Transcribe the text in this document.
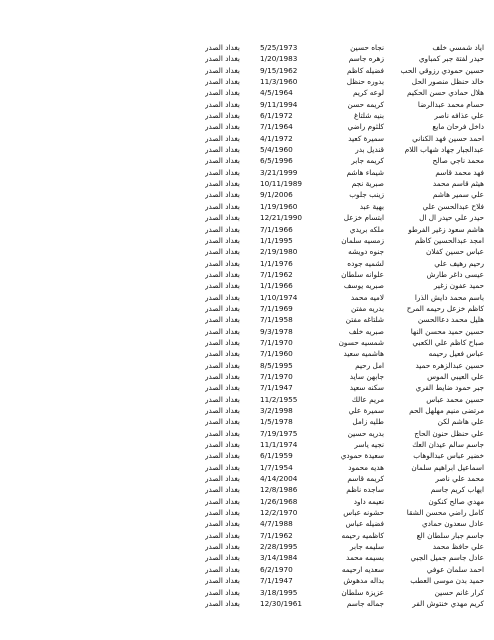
اياد شمسي خلف	نجاه حسين	5/25/1973	بغداد الصدر
حيدر لفتة جبر كمباوي	زهره جاسم	1/20/1983	بغداد الصدر
حسين حمودي رزوقي الحب	فضيله كاظم	9/15/1962	بغداد الصدر
خالد حنظل منصور الحل	بدوره حنظل	11/3/1960	بغداد الصدر
هلال حمادي حسن الحكيم	لوعه كريم	4/5/1964	بغداد الصدر
حسام محمد عبدالرضا	كريمه حسن	9/11/1994	بغداد الصدر
علي عذافه ناصر	بنيه شلتاغ	6/1/1972	بغداد الصدر
داخل فرحان مايع	كلثوم راضي	7/1/1964	بغداد الصدر
احمد حسين فهد الكناني	سميرة كعيد	4/1/1972	بغداد الصدر
عبدالجبار جهاد شهاب اللام	قنديل بدر	5/4/1960	بغداد الصدر
محمد ناجي صالح	كريمه جابر	6/5/1996	بغداد الصدر
فهد محمد قاسم	شيماء هاشم	3/21/1999	بغداد الصدر
هيثم قاسم محمد	صبرية نجم	10/11/1989	بغداد الصدر
علي سمير هاشم	زينب جلوب	9/1/2006	بغداد الصدر
فلاح عبدالحسن علي	بهية عبد	1/19/1960	بغداد الصدر
حيدر علي حيدر ال ال	ابتسام خزعل	12/21/1990	بغداد الصدر
هاشم سعود زغير الفرطو	ملكه بريدي	7/1/1966	بغداد الصدر
امجد عبدالحسين كاظم	زمسيه سلمان	1/1/1995	بغداد الصدر
عباس حسين كفلان	جنوه دويشه	2/19/1980	بغداد الصدر
رحيم رهيف علي	لشميه جوده	1/1/1976	بغداد الصدر
عيسى داغر طارش	علوانه سلطان	7/1/1962	بغداد الصدر
حميد عفون زغير	صبريه يوسف	1/1/1966	بغداد الصدر
باسم محمد دايش الذرا	لاميه محمد	1/10/1974	بغداد الصدر
كاظم خزعل رحيمه المرح	بدريه مفتن	7/1/1969	بغداد الصدر
هليل محمد دعاالحسن	شلتاغه مفتن	7/1/1958	بغداد الصدر
حسين حميد محسن النها	صبريه خلف	9/3/1978	بغداد الصدر
صباح كاظم علي الكعبي	شمسيه حسون	7/1/1970	بغداد الصدر
عباس فعيل رحيمه	هاشميه سعيد	7/1/1960	بغداد الصدر
حسين عبدالزهره حميد	امل رحيم	8/5/1995	بغداد الصدر
علي العيبي الموس	جابهن سايد	7/1/1970	بغداد الصدر
جبر حمود ضايط الفري	سكنه سعيد	7/1/1947	بغداد الصدر
حسين محمد عباس	مريم عالك	11/2/1955	بغداد الصدر
مرتضى منيم مهلهل الحم	سميرة علي	3/2/1998	بغداد الصدر
علي هاشم لكن	طليه زامل	1/5/1978	بغداد الصدر
علي حنظل حنون الحاج	بدريه حسين	7/19/1975	بغداد الصدر
جاسم سالم عيدان العك	نجيه ياسر	11/1/1974	بغداد الصدر
خضير عباس عبدالوهاب	سعيدة حمودي	6/1/1959	بغداد الصدر
اسماعيل ابراهيم سلمان	هديه محمود	1/7/1954	بغداد الصدر
محمد علي ناصر	كريمه قاسم	4/14/2004	بغداد الصدر
ايهاب كريم جاسم	ساجده ناظم	12/8/1986	بغداد الصدر
مهدي صالح كنكون	نعيمه داود	1/26/1968	بغداد الصدر
كامل راضي محسن الشقا	حشونه عباس	12/2/1970	بغداد الصدر
عادل سعدون حمادي	فضيله عباس	4/7/1988	بغداد الصدر
جاسم جبار سلطان الع	كاظميه رحيمه	7/1/1962	بغداد الصدر
علي حافظ محمد	سليمه جابر	2/28/1995	بغداد الصدر
عادل جاسم جميل الجبي	بسيمه محمد	3/14/1984	بغداد الصدر
احمد سلمان عوفي	سعديه ارحيمه	6/2/1970	بغداد الصدر
حميد بدن موسى العطب	بداله مدهوش	7/1/1947	بغداد الصدر
كرار غانم حسين	عزيزة سلطان	3/18/1995	بغداد الصدر
كريم مهدي خنتوش الفر	جماله جاسم	12/30/1961	بغداد الصدر
